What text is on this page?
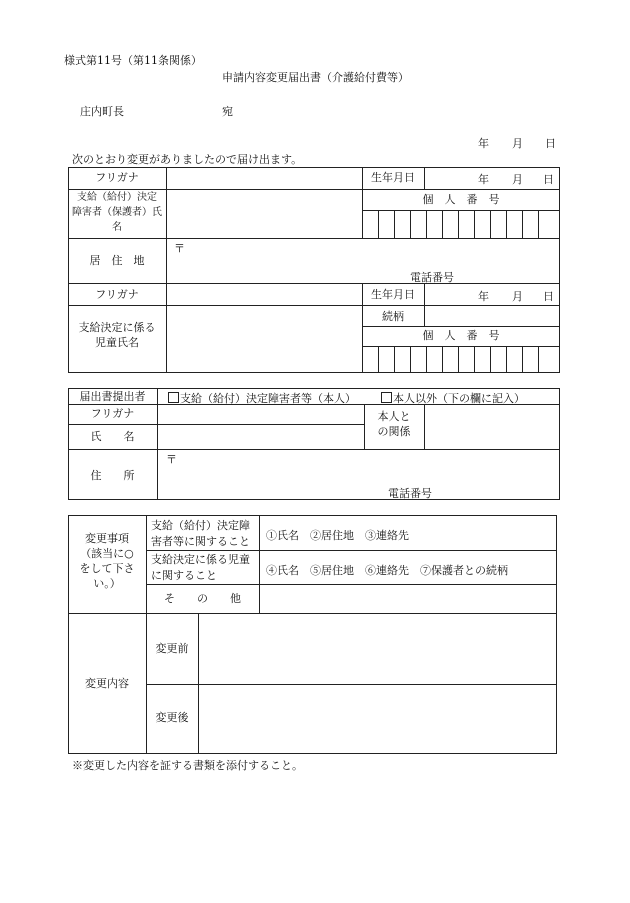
様式第11号（第11条関係）
申請内容変更届出書（介護給付費等）
庄内町長	宛
年 月 日
次のとおり変更がありましたので届け出ます。
フリガナ	生年月日	年 月 日
支給（給付）決定
障害者（保護者）氏
名
個　人　番　号
居　住　地
〒
電話番号
フリガナ	生年月日	年 月 日
支給決定に係る
児童氏名
続柄
個　人　番　号
届出書提出者	支給（給付）決定障害者等（本人）	本人以外（下の欄に記入）
フリガナ
氏　　名
本人と
の関係
住　　所
〒
電話番号
変更事項
（該当に○
をして下さ
い。）
支給（給付）決定障
害者等に関すること ①氏名　②居住地　③連絡先
支給決定に係る児童
に関すること	④氏名　⑤居住地　⑥連絡先　⑦保護者との続柄
そ　　の　　他
変更内容
変更前
変更後
※変更した内容を証する書類を添付すること。
